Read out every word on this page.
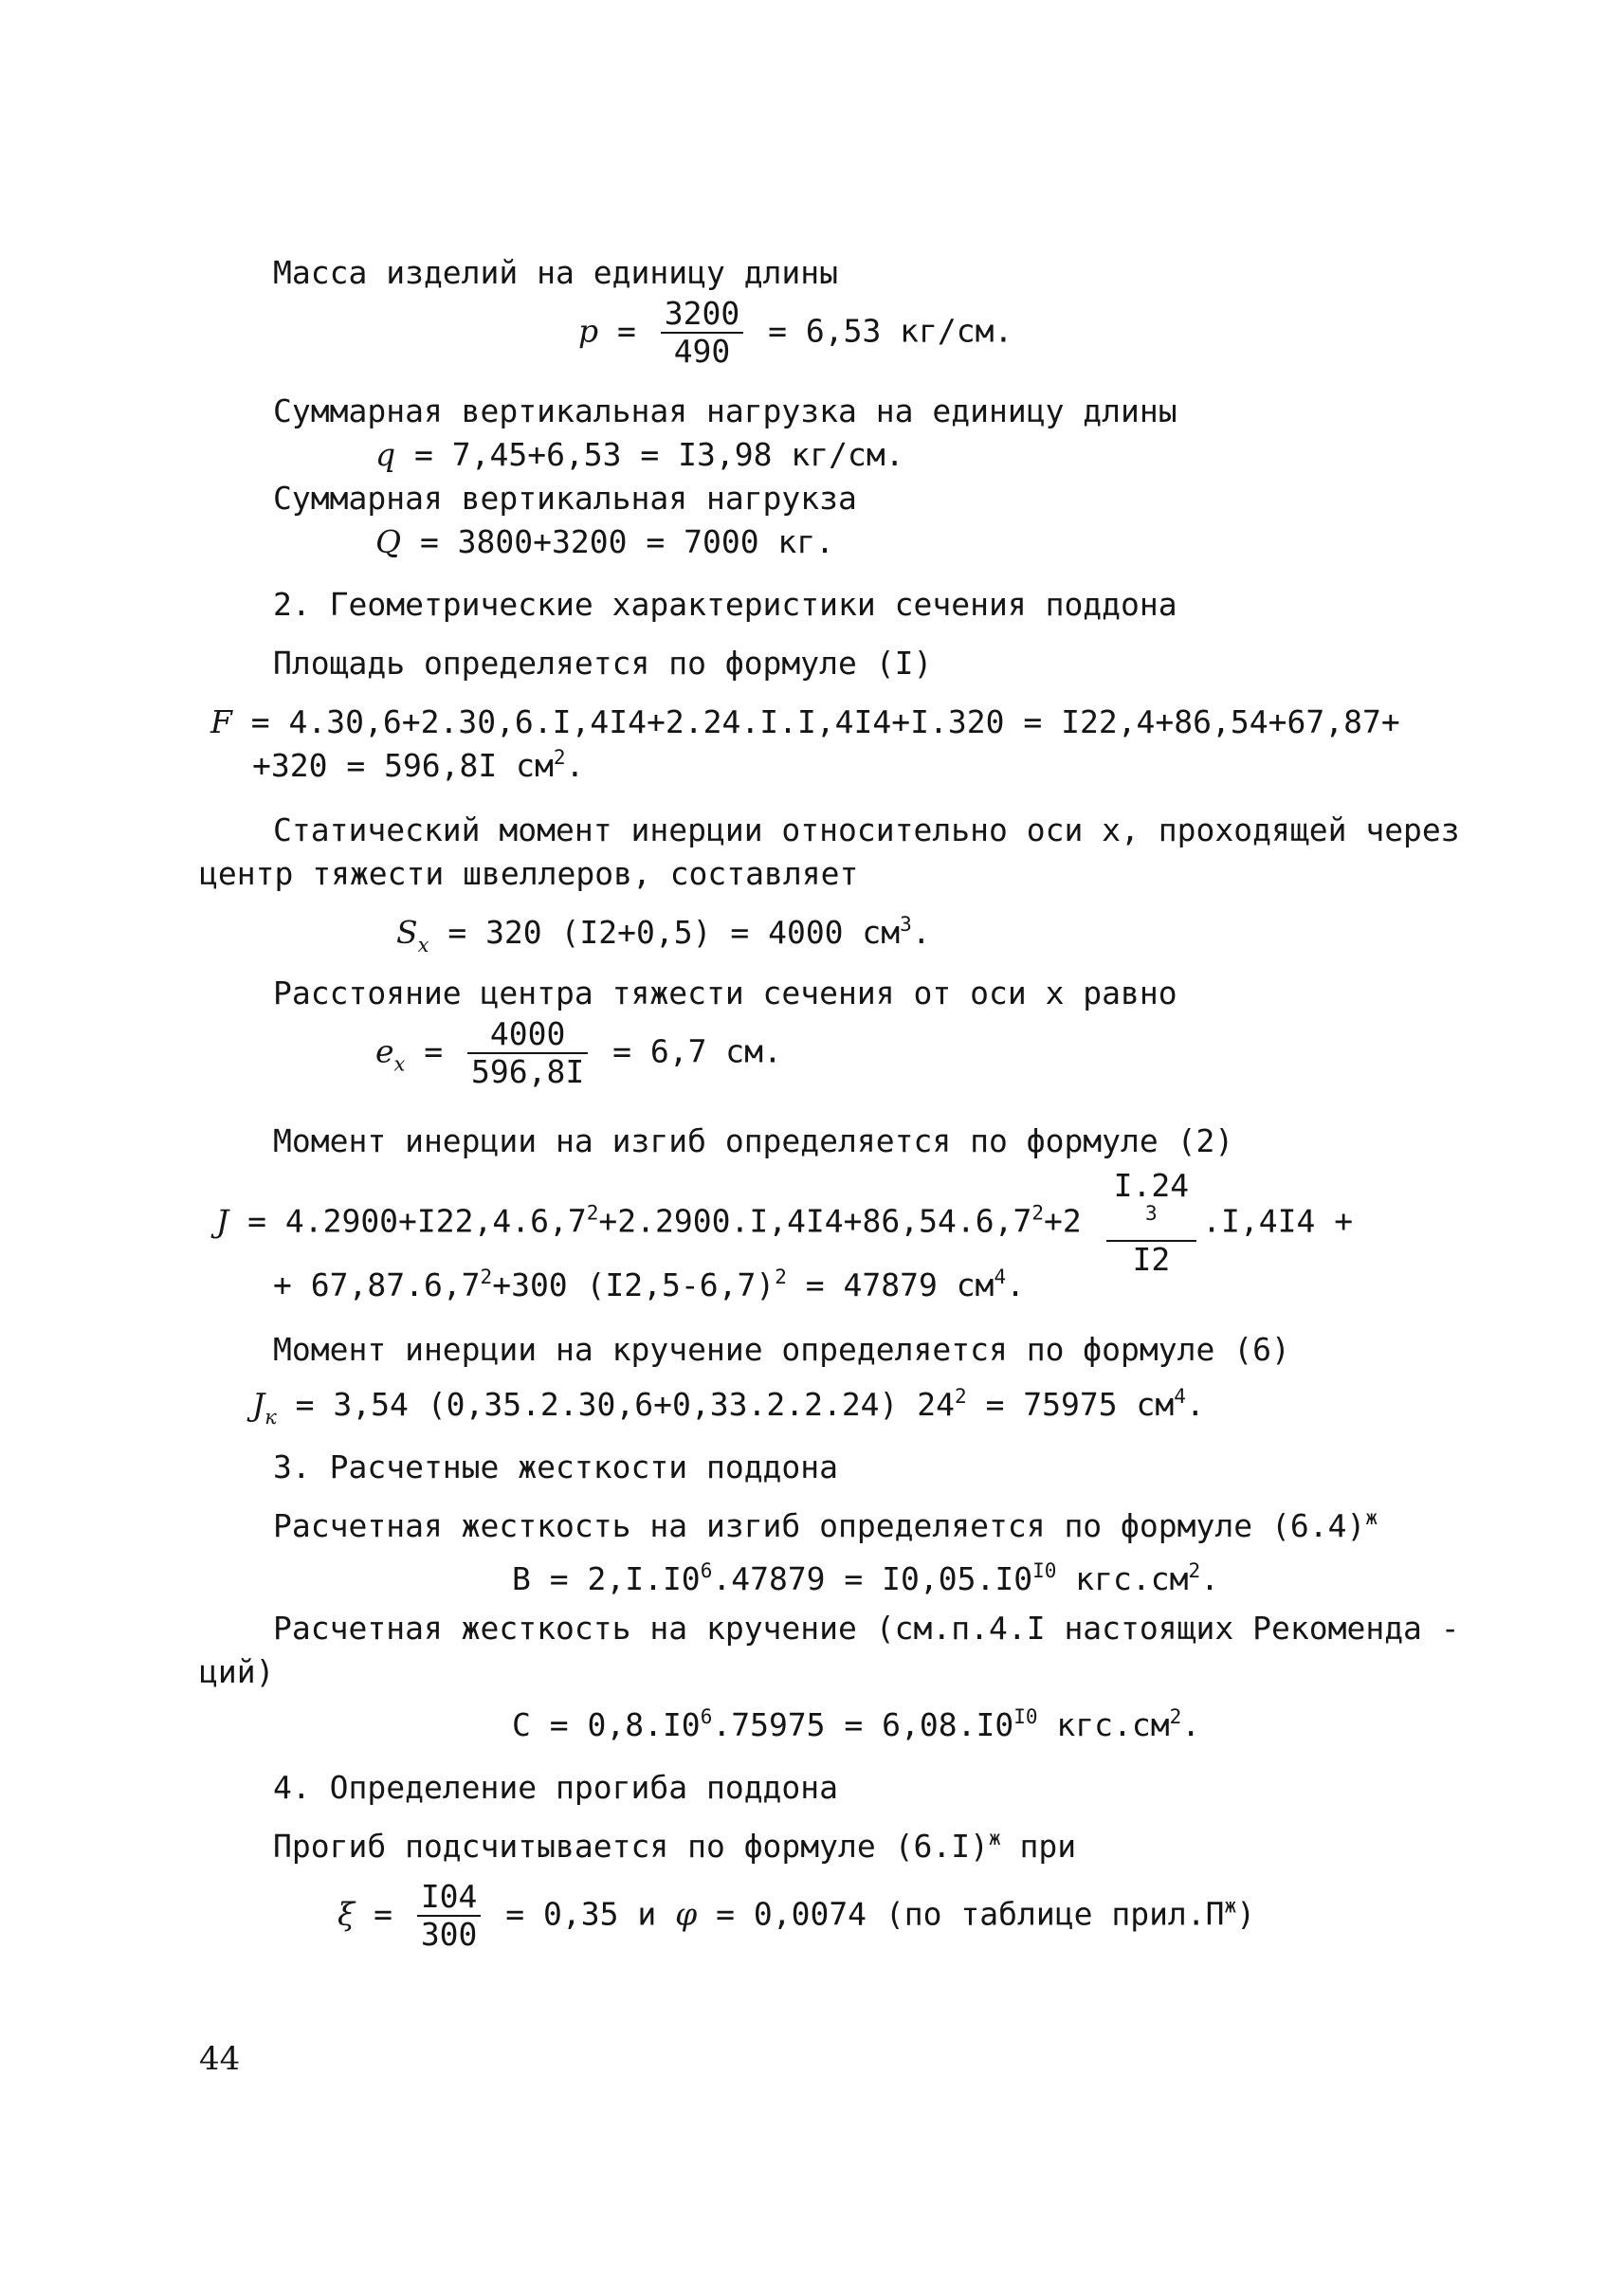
Масса изделий на единицу длины
$p = \frac{3200}{490} = 6,53$ кг/см.
Суммарная вертикальная нагрузка на единицу длины
q = 7,45+6,53 = I3,98 кг/см.
Суммарная вертикальная нагрукза
Q = 3800+3200 = 7000 кг.
2. Геометрические характеристики сечения поддона
Площадь определяется по формуле (I)
F = 4.30,6+2.30,6.I,4I4+2.24.I.I,4I4+I.320 = I22,4+86,54+67,87+
+320 = 596,8I $см^2$.
Статический момент инерции относительно оси х, проходящей через
центр тяжести швеллеров, составляет
$S_x = 320$ (I2+0,5) = 4000 $см^3$.
Расстояние центра тяжести сечения от оси х равно
$e_x = \frac{4000}{596,8I} = 6,7$ см.
Момент инерции на изгиб определяется по формуле (2)
$J = 4.2900+I22,4.6,7^2+2.2900.I,4I4+86,54.6,7^2+2$ I.24
$^3$
I2 .I,4I4 +
+ $67,87.6,7^2+300$ $(I2,5-6,7)^2 = 47879$ $см^4$.
Момент инерции на кручение определяется по формуле (6)
$J_к = 3,54$ (0,35.2.30,6+0,33.2.2.24) $24^2 = 75975$ $см^4$.
3. Расчетные жесткости поддона
Расчетная жесткость на изгиб определяется по формуле $(6.4)^ж$
$B = 2,I.I0^6.47879 = I0,05.I0^{I0}$ $кгс.см^2$.
Расчетная жесткость на кручение (см.п.4.I настоящих Рекоменда -
ций)
$C = 0,8.I0^6.75975 = 6,08.I0^{I0}$ $кгс.см^2$.
4. Определение прогиба поддона
Прогиб подсчитывается по формуле $(6.I)^ж$ при
$\xi = \frac{I04}{300} = 0,35$ и φ = 0,0074 (по таблице $прил.П^ж$)
44
